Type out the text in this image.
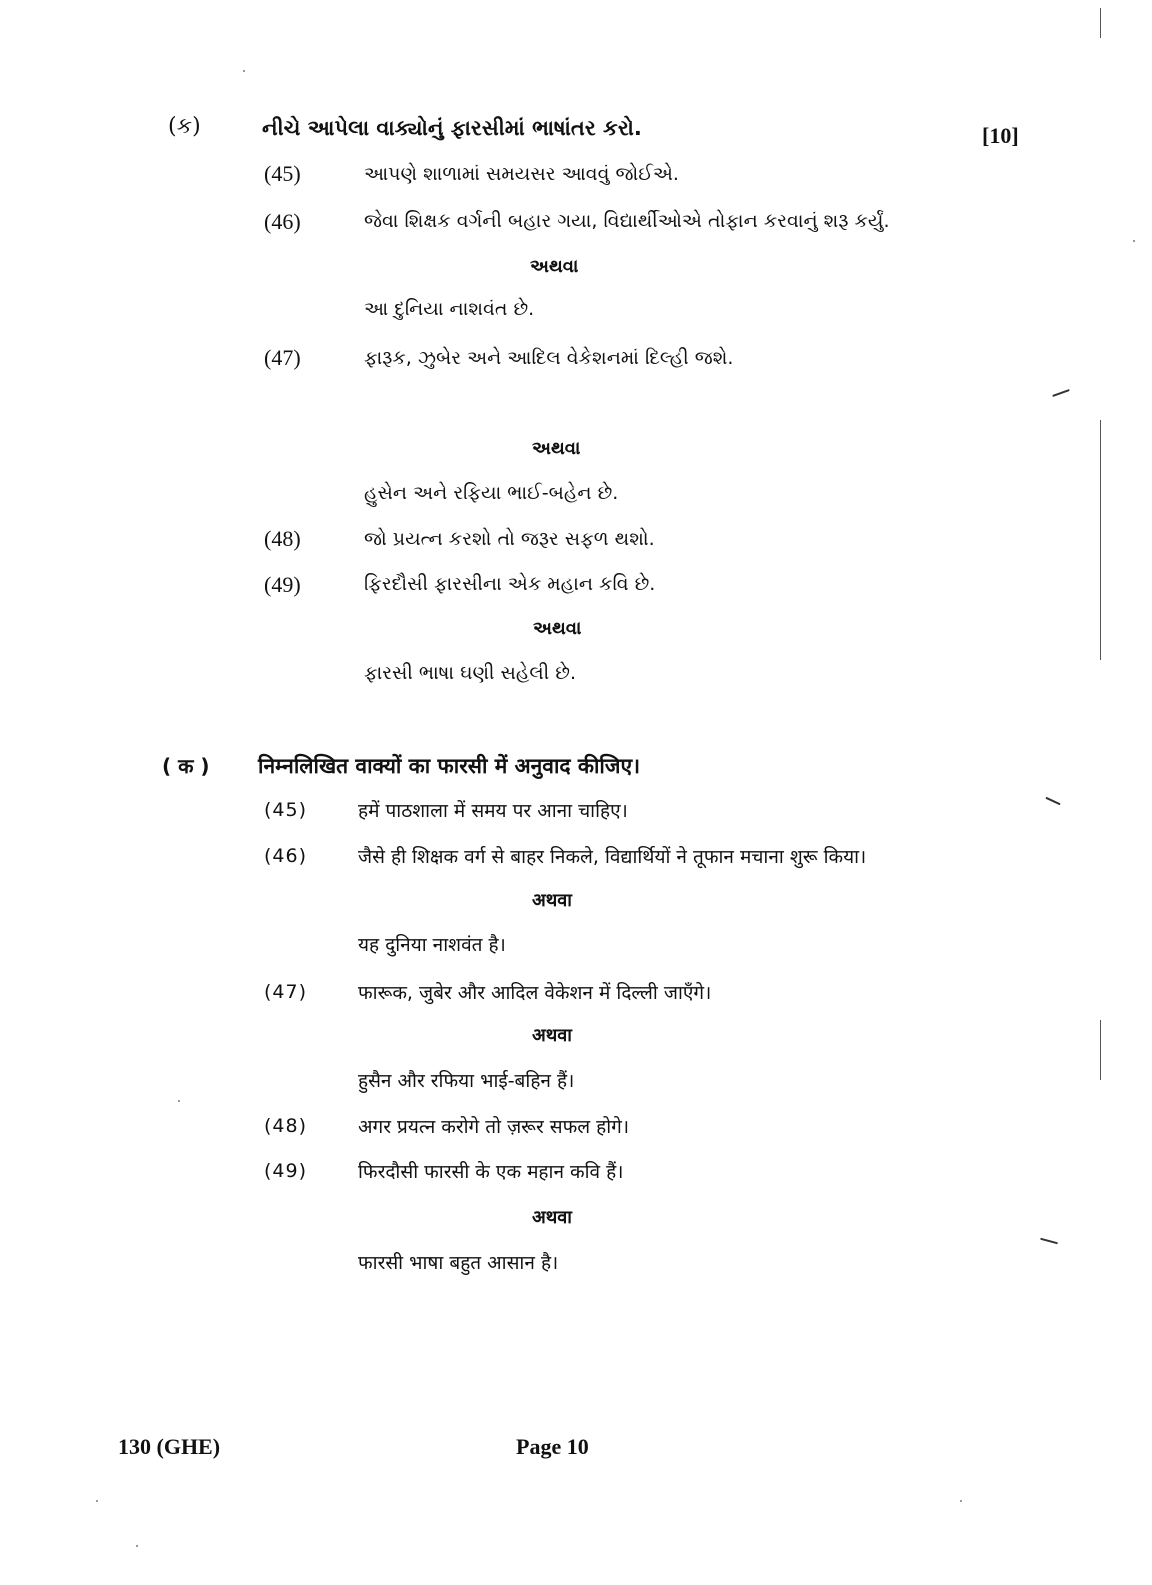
(ક)	નીચે આપેલા વાક્યોનું ફારસીમાં ભાષાંતર કરો.	[10]
(45)	આપણે શાળામાં સમયસર આવવું જોઈએ.
(46)	જેવા શિક્ષક વર્ગની બહાર ગયા, વિદ્યાર્થીઓએ તોફાન કરવાનું શરૂ કર્યું.
અથવા
આ દુનિયા નાશવંત છે.
(47)	ફારૂક, ઝુબેર અને આદિલ વેકેશનમાં દિલ્હી જશે.
અથવા
હુસેન અને રફિયા ભાઈ-બહેન છે.
(48)	જો પ્રયત્ન કરશો તો જરૂર સફળ થશો.
(49)	ફિરદૌસી ફારસીના એક મહાન કવિ છે.
અથવા
ફારસી ભાષા ઘણી સહેલી છે.
( क ) निम्नलिखित वाक्यों का फारसी में अनुवाद कीजिए।
(45)	हमें पाठशाला में समय पर आना चाहिए।
(46)	जैसे ही शिक्षक वर्ग से बाहर निकले, विद्यार्थियों ने तूफान मचाना शुरू किया।
अथवा
यह दुनिया नाशवंत है।
(47)	फारूक, जुबेर और आदिल वेकेशन में दिल्ली जाएँगे।
अथवा
हुसैन और रफिया भाई-बहिन हैं।
(48)	अगर प्रयत्न करोगे तो ज़रूर सफल होगे।
(49)	फिरदौसी फारसी के एक महान कवि हैं।
अथवा
फारसी भाषा बहुत आसान है।
130 (GHE)	Page 10
